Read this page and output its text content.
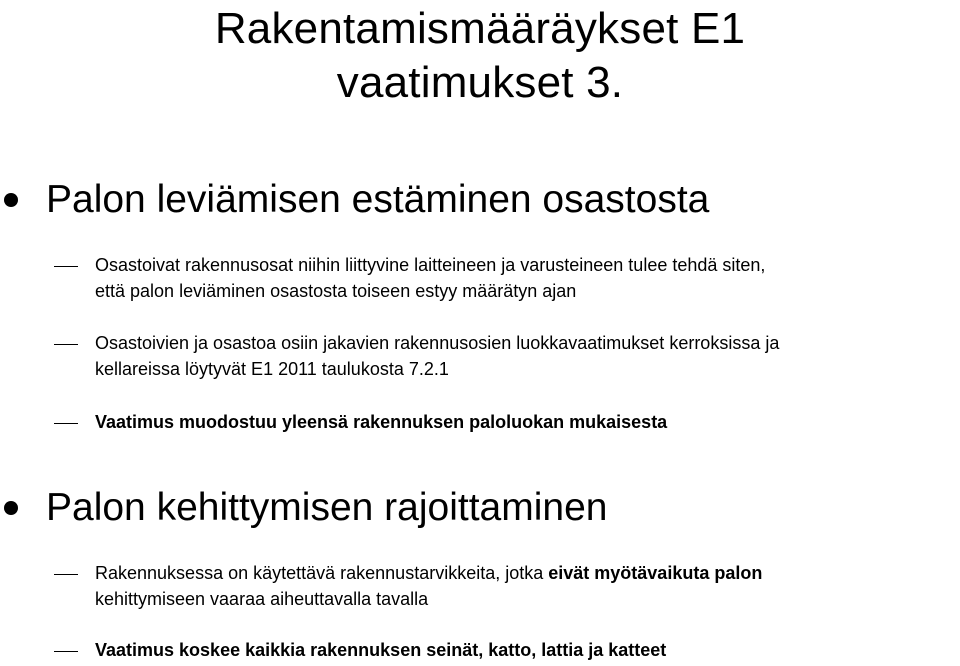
Rakentamismääräykset E1
vaatimukset 3.
Palon leviämisen estäminen osastosta
Osastoivat rakennusosat niihin liittyvine laitteineen ja varusteineen tulee tehdä siten,
että palon leviäminen osastosta toiseen estyy määrätyn ajan
Osastoivien ja osastoa osiin jakavien rakennusosien luokkavaatimukset kerroksissa ja
kellareissa löytyvät E1 2011 taulukosta 7.2.1
Vaatimus muodostuu yleensä rakennuksen paloluokan mukaisesta
Palon kehittymisen rajoittaminen
Rakennuksessa on käytettävä rakennustarvikkeita, jotka eivät myötävaikuta palon
kehittymiseen vaaraa aiheuttavalla tavalla
Vaatimus koskee kaikkia rakennuksen seinät, katto, lattia ja katteet
